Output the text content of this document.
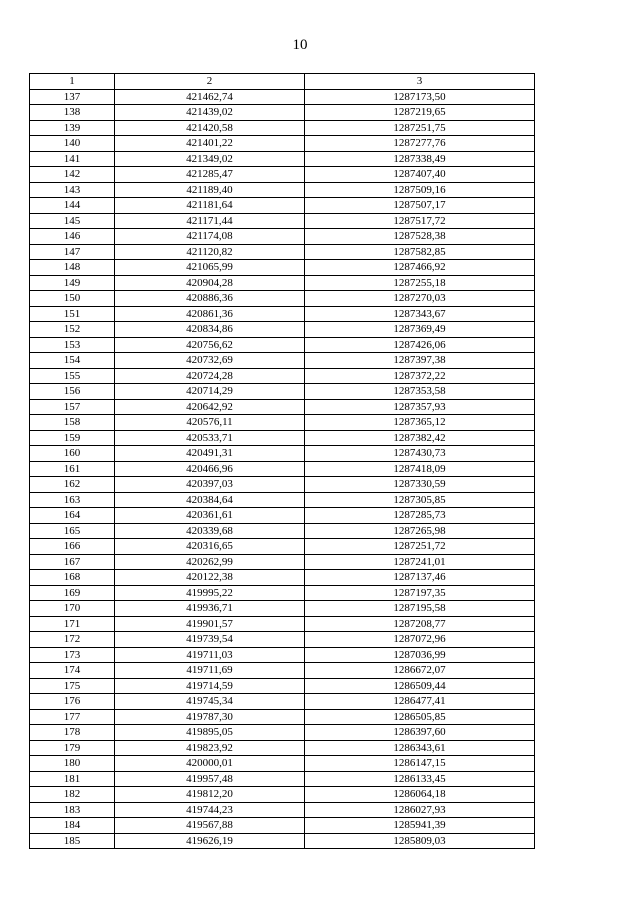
10
1	2	3
137	421462,74	1287173,50
138	421439,02	1287219,65
139	421420,58	1287251,75
140	421401,22	1287277,76
141	421349,02	1287338,49
142	421285,47	1287407,40
143	421189,40	1287509,16
144	421181,64	1287507,17
145	421171,44	1287517,72
146	421174,08	1287528,38
147	421120,82	1287582,85
148	421065,99	1287466,92
149	420904,28	1287255,18
150	420886,36	1287270,03
151	420861,36	1287343,67
152	420834,86	1287369,49
153	420756,62	1287426,06
154	420732,69	1287397,38
155	420724,28	1287372,22
156	420714,29	1287353,58
157	420642,92	1287357,93
158	420576,11	1287365,12
159	420533,71	1287382,42
160	420491,31	1287430,73
161	420466,96	1287418,09
162	420397,03	1287330,59
163	420384,64	1287305,85
164	420361,61	1287285,73
165	420339,68	1287265,98
166	420316,65	1287251,72
167	420262,99	1287241,01
168	420122,38	1287137,46
169	419995,22	1287197,35
170	419936,71	1287195,58
171	419901,57	1287208,77
172	419739,54	1287072,96
173	419711,03	1287036,99
174	419711,69	1286672,07
175	419714,59	1286509,44
176	419745,34	1286477,41
177	419787,30	1286505,85
178	419895,05	1286397,60
179	419823,92	1286343,61
180	420000,01	1286147,15
181	419957,48	1286133,45
182	419812,20	1286064,18
183	419744,23	1286027,93
184	419567,88	1285941,39
185	419626,19	1285809,03
